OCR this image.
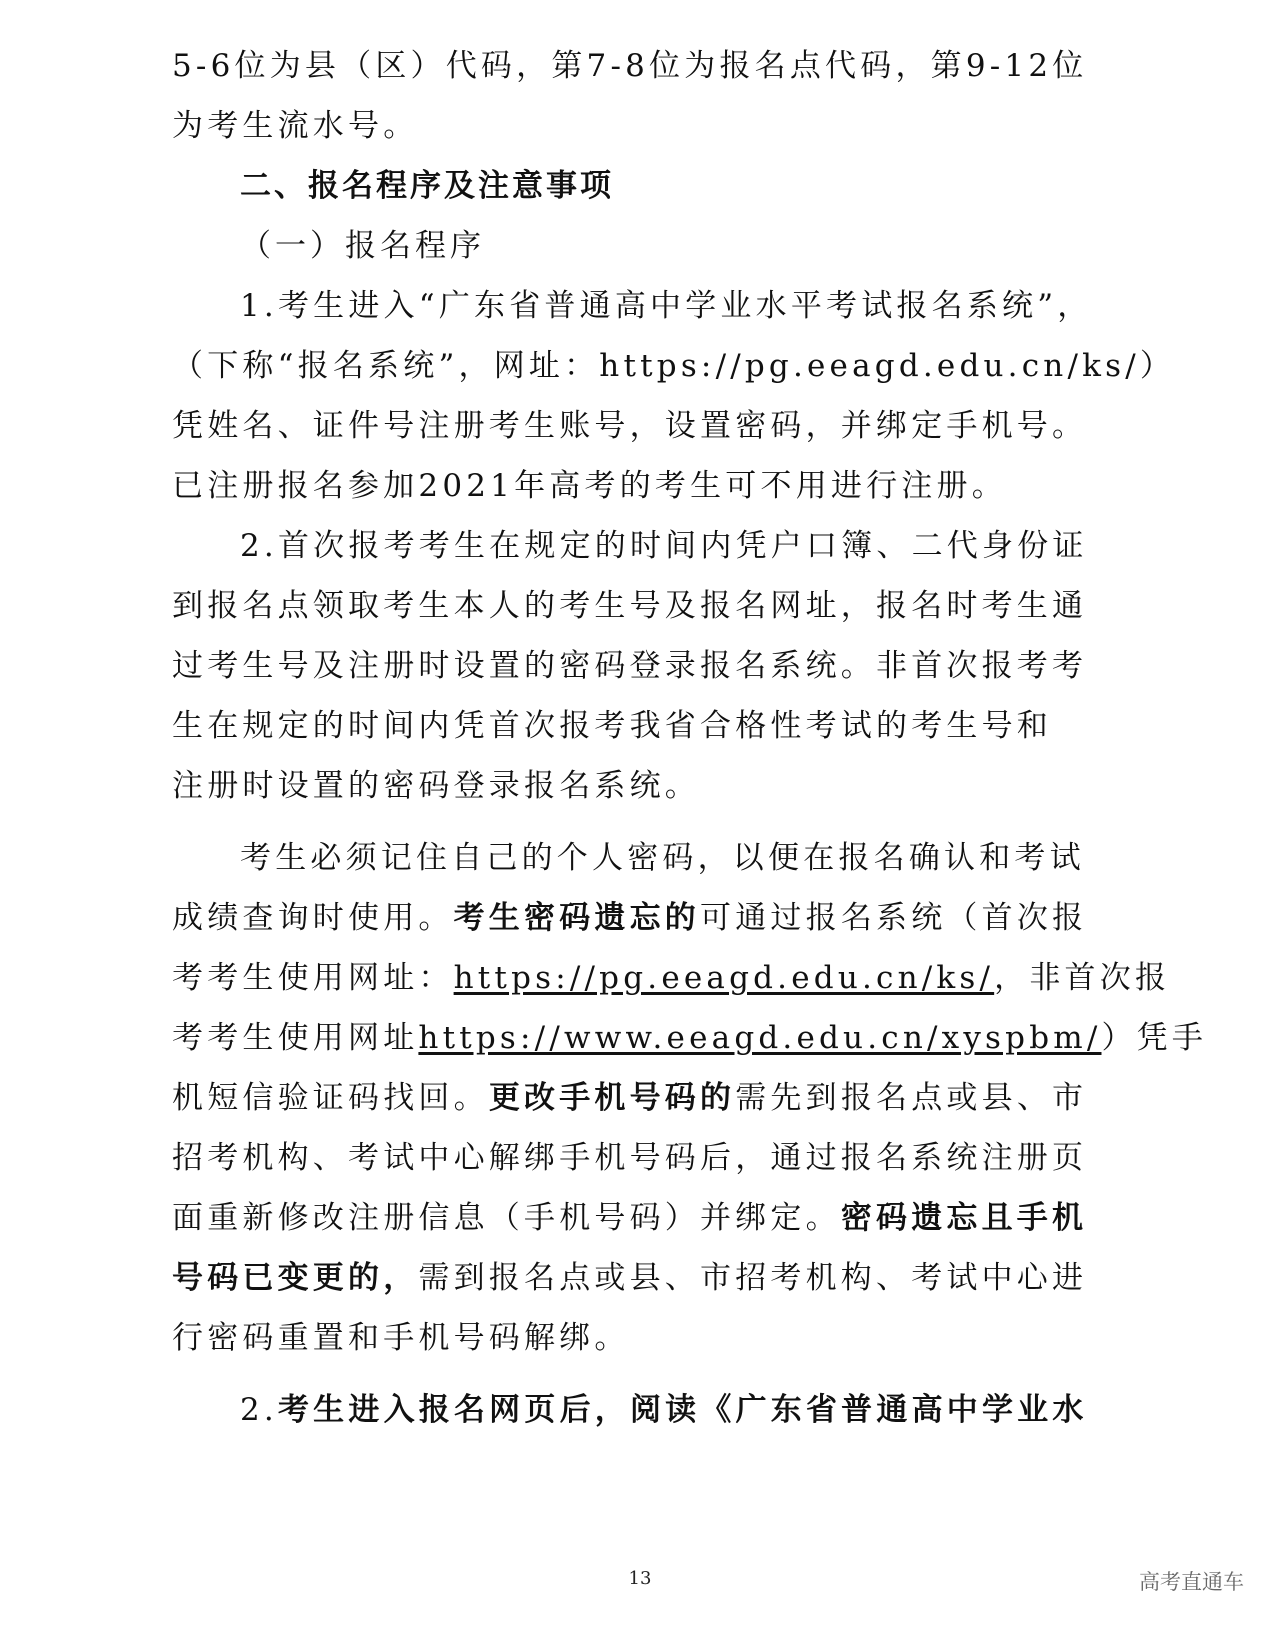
5-6位为县（区）代码，第7-8位为报名点代码，第9-12位
为考生流水号。
二、报名程序及注意事项
（一）报名程序
1.考生进入“广东省普通高中学业水平考试报名系统”，
（下称“报名系统”，网址：https://pg.eeagd.edu.cn/ks/）
凭姓名、证件号注册考生账号，设置密码，并绑定手机号。
已注册报名参加2021年高考的考生可不用进行注册。
2.首次报考考生在规定的时间内凭户口簿、二代身份证
到报名点领取考生本人的考生号及报名网址，报名时考生通
过考生号及注册时设置的密码登录报名系统。非首次报考考
生在规定的时间内凭首次报考我省合格性考试的考生号和
注册时设置的密码登录报名系统。
考生必须记住自己的个人密码，以便在报名确认和考试
成绩查询时使用。考生密码遗忘的可通过报名系统（首次报
考考生使用网址：https://pg.eeagd.edu.cn/ks/，非首次报
考考生使用网址https://www.eeagd.edu.cn/xyspbm/）凭手
机短信验证码找回。更改手机号码的需先到报名点或县、市
招考机构、考试中心解绑手机号码后，通过报名系统注册页
面重新修改注册信息（手机号码）并绑定。密码遗忘且手机
号码已变更的，需到报名点或县、市招考机构、考试中心进
行密码重置和手机号码解绑。
2.考生进入报名网页后，阅读《广东省普通高中学业水
13	高考直通车
